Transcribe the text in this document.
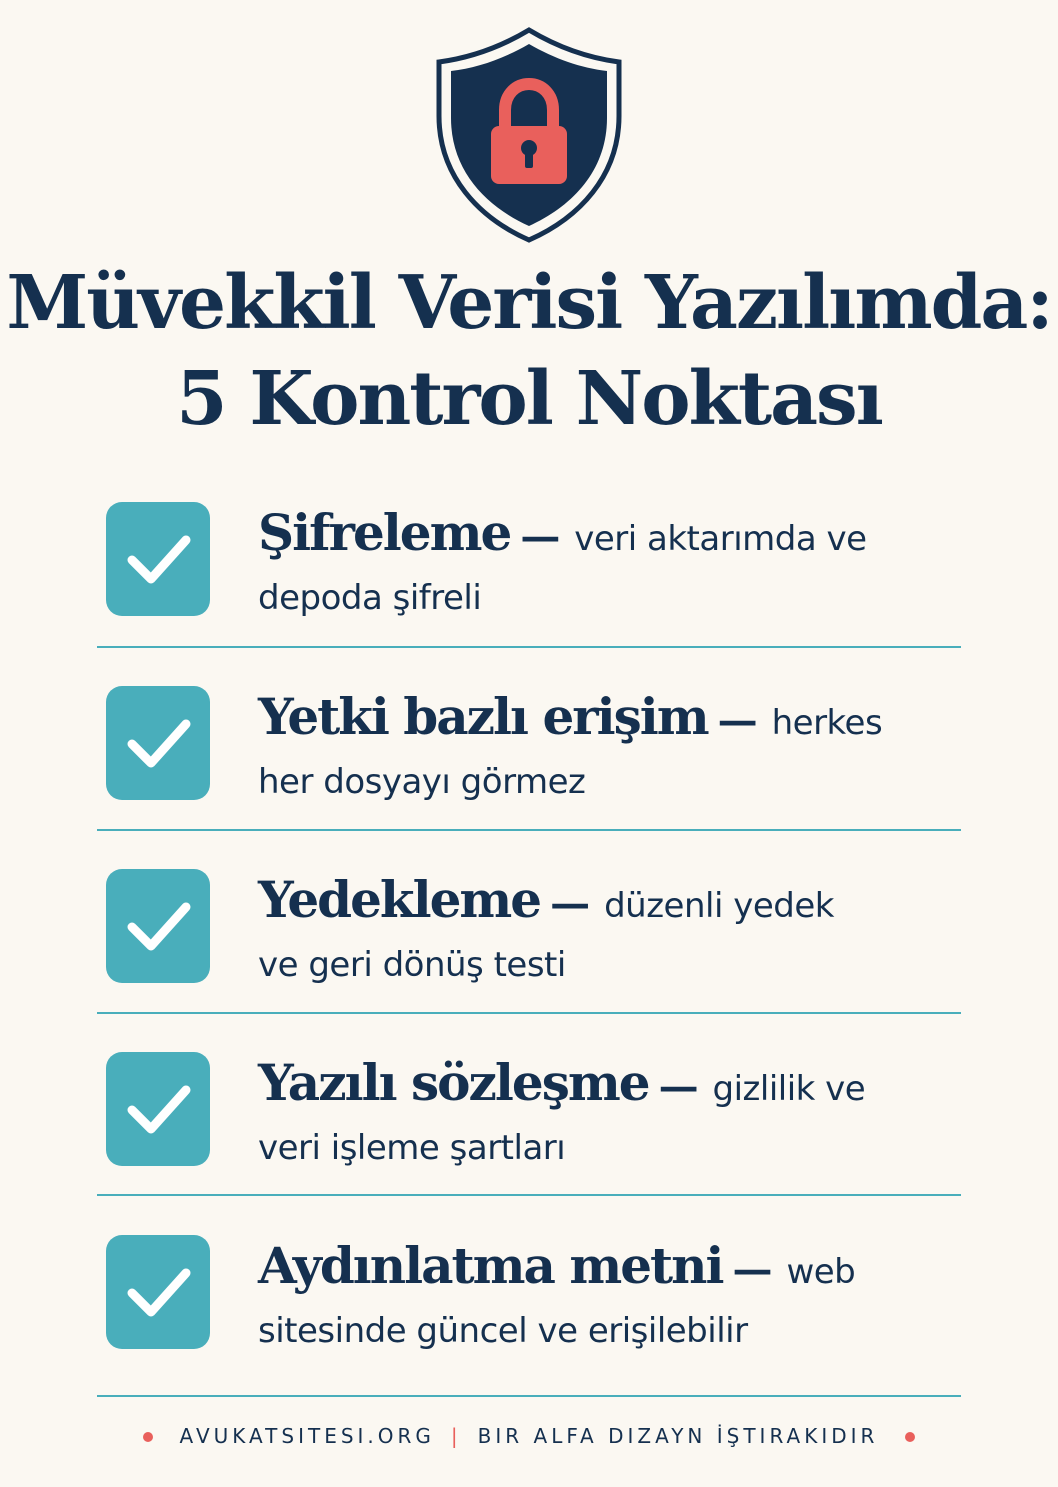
Müvekkil Verisi Yazılımda:
5 Kontrol Noktası
Şifreleme — veri aktarımda ve
depoda şifreli
Yetki bazlı erişim — herkes
her dosyayı görmez
Yedekleme — düzenli yedek
ve geri dönüş testi
Yazılı sözleşme — gizlilik ve
veri işleme şartları
Aydınlatma metni — web
sitesinde güncel ve erişilebilir
AVUKATSITESI.ORG | BIR ALFA DIZAYN İŞTIRAKIDIR
